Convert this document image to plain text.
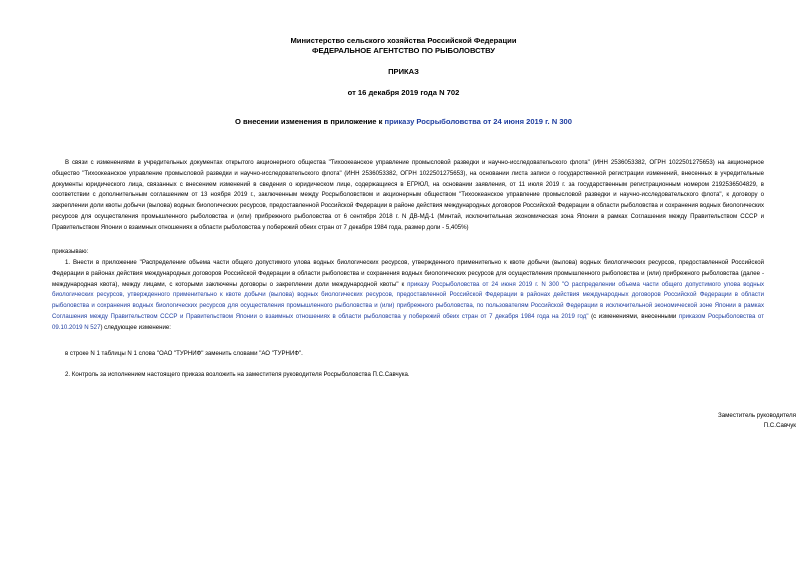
Министерство сельского хозяйства Российской Федерации
ФЕДЕРАЛЬНОЕ АГЕНТСТВО ПО РЫБОЛОВСТВУ
ПРИКАЗ
от 16 декабря 2019 года N 702
О внесении изменения в приложение к приказу Росрыболовства от 24 июня 2019 г. N 300

В связи с изменениями в учредительных документах открытого акционерного общества "Тихоокеанское управление промысловой разведки и научно-исследовательского флота" (ИНН 2536053382, ОГРН 1022501275653) на акционерное общество "Тихоокеанское управление промысловой разведки и научно-исследовательского флота" (ИНН 2536053382, ОГРН 1022501275653), на основании листа записи о государственной регистрации изменений, внесенных в учредительные документы юридического лица, связанных с внесением изменений в сведения о юридическом лице, содержащиеся в ЕГРЮЛ, на основании заявления, от 11 июля 2019 г. за государственным регистрационным номером 2192536504829, в соответствии с дополнительным соглашением от 13 ноября 2019 г., заключенным между Росрыболовством и акционерным обществом "Тихоокеанское управление промысловой разведки и научно-исследовательского флота", к договору о закреплении доли квоты добычи (вылова) водных биологических ресурсов, предоставленной Российской Федерации в районе действия международных договоров Российской Федерации в области рыболовства и сохранения водных биологических ресурсов для осуществления промышленного рыболовства и (или) прибрежного рыболовства от 6 сентября 2018 г. N ДВ-МД-1 (Минтай, исключительная экономическая зона Японии в рамках Соглашения между Правительством СССР и Правительством Японии о взаимных отношениях в области рыболовства у побережий обеих стран от 7 декабря 1984 года, размер доли - 5,405%)

приказываю:

1. Внести в приложение "Распределение объема части общего допустимого улова водных биологических ресурсов, утвержденного применительно к квоте добычи (вылова) водных биологических ресурсов, предоставленной Российской Федерации в районах действия международных договоров Российской Федерации в области рыболовства и сохранения водных биологических ресурсов для осуществления промышленного рыболовства и (или) прибрежного рыболовства (далее - международная квота), между лицами, с которыми заключены договоры о закреплении доли международной квоты" к приказу Росрыболовства от 24 июня 2019 г. N 300 "О распределении объема части общего допустимого улова водных биологических ресурсов, утвержденного применительно к квоте добычи (вылова) водных биологических ресурсов, предоставленной Российской Федерации в районах действия международных договоров Российской Федерации в области рыболовства и сохранения водных биологических ресурсов для осуществления промышленного рыболовства и (или) прибрежного рыболовства, по пользователям Российской Федерации в исключительной экономической зоне Японии в рамках Соглашения между Правительством СССР и Правительством Японии о взаимных отношениях в области рыболовства у побережий обеих стран от 7 декабря 1984 года на 2019 год" (с изменениями, внесенными приказом Росрыболовства от 09.10.2019 N 527) следующее изменение:

в строке N 1 таблицы N 1 слова "ОАО "ТУРНИФ" заменить словами "АО "ТУРНИФ".

2. Контроль за исполнением настоящего приказа возложить на заместителя руководителя Росрыболовства П.С.Савчука.

Заместитель руководителя
П.С.Савчук
